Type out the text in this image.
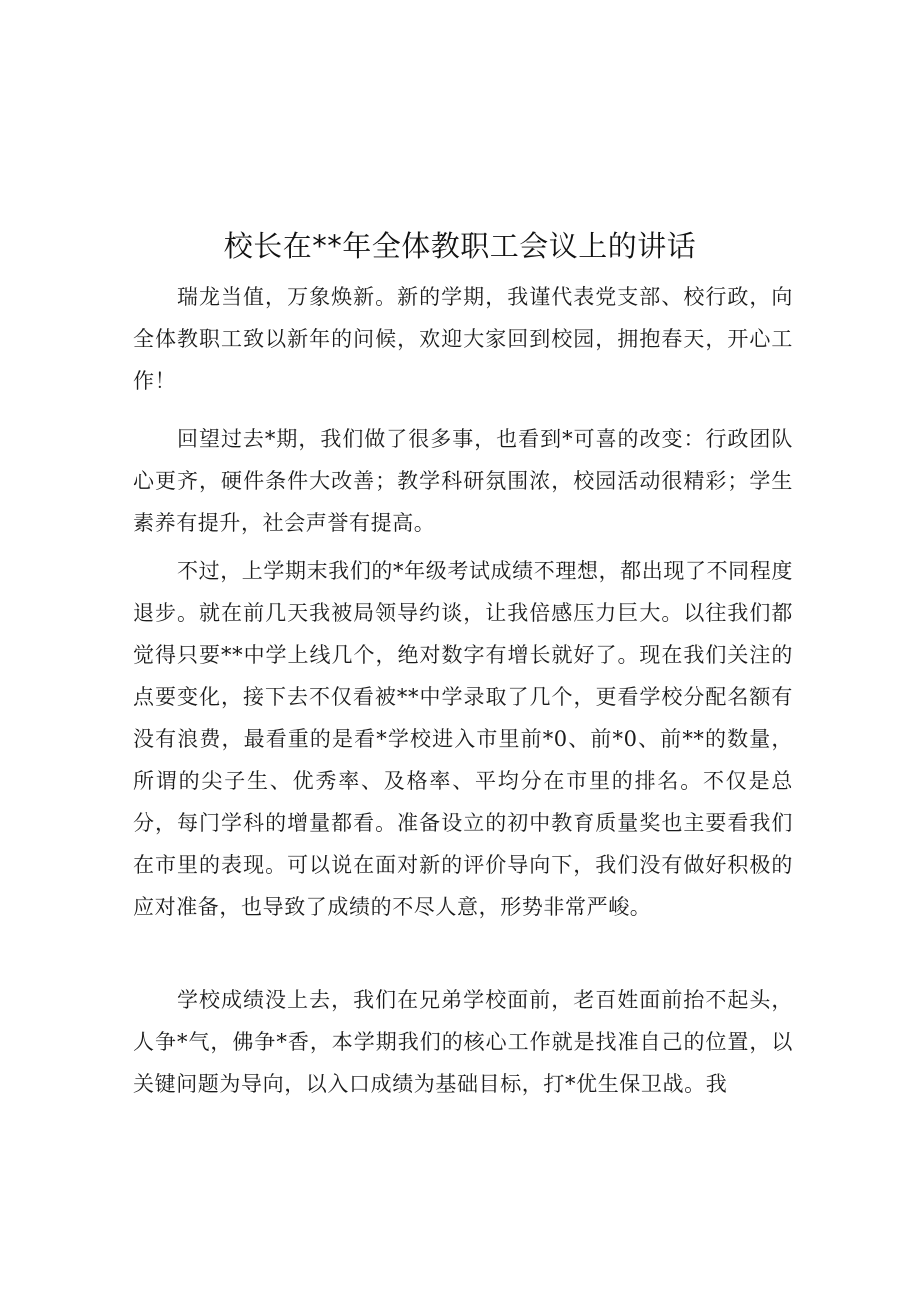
校长在**年全体教职工会议上的讲话

瑞龙当值，万象焕新。新的学期，我谨代表党支部、校行政，向全体教职工致以新年的问候，欢迎大家回到校园，拥抱春天，开心工作！

回望过去*期，我们做了很多事，也看到*可喜的改变：行政团队心更齐，硬件条件大改善；教学科研氛围浓，校园活动很精彩；学生素养有提升，社会声誉有提高。

不过，上学期末我们的*年级考试成绩不理想，都出现了不同程度退步。就在前几天我被局领导约谈，让我倍感压力巨大。以往我们都觉得只要**中学上线几个，绝对数字有增长就好了。现在我们关注的点要变化，接下去不仅看被**中学录取了几个，更看学校分配名额有没有浪费，最看重的是看*学校进入市里前*0、前*0、前**的数量，所谓的尖子生、优秀率、及格率、平均分在市里的排名。不仅是总分，每门学科的增量都看。准备设立的初中教育质量奖也主要看我们在市里的表现。可以说在面对新的评价导向下，我们没有做好积极的应对准备，也导致了成绩的不尽人意，形势非常严峻。

学校成绩没上去，我们在兄弟学校面前，老百姓面前抬不起头，人争*气，佛争*香，本学期我们的核心工作就是找准自己的位置，以关键问题为导向，以入口成绩为基础目标，打*优生保卫战。我
